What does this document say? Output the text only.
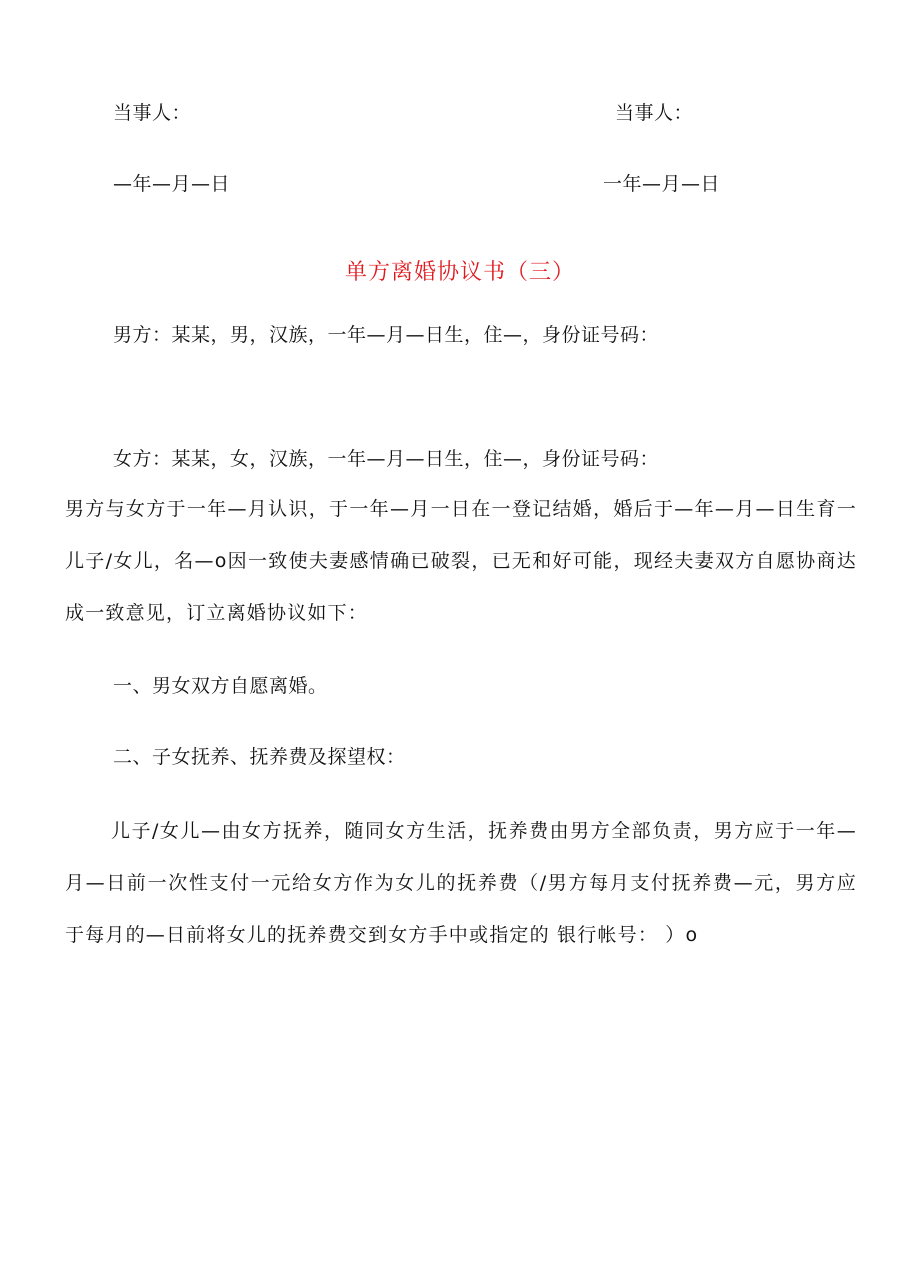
当事人：	当事人：
—年—月—日	一年—月—日
单方离婚协议书（三）
男方：某某，男，汉族，一年—月—日生，住—，身份证号码：
女方：某某，女，汉族，一年—月—日生，住—，身份证号码：
男方与女方于一年—月认识，于一年—月一日在一登记结婚，婚后于—年—月—日生育一儿子/女儿，名—o因一致使夫妻感情确已破裂，已无和好可能，现经夫妻双方自愿协商达成一致意见，订立离婚协议如下：
一、男女双方自愿离婚。
二、子女抚养、抚养费及探望权：
儿子/女儿—由女方抚养，随同女方生活，抚养费由男方全部负责，男方应于一年—月—日前一次性支付一元给女方作为女儿的抚养费（/男方每月支付抚养费—元，男方应于每月的—日前将女儿的抚养费交到女方手中或指定的 银行帐号： ）o
